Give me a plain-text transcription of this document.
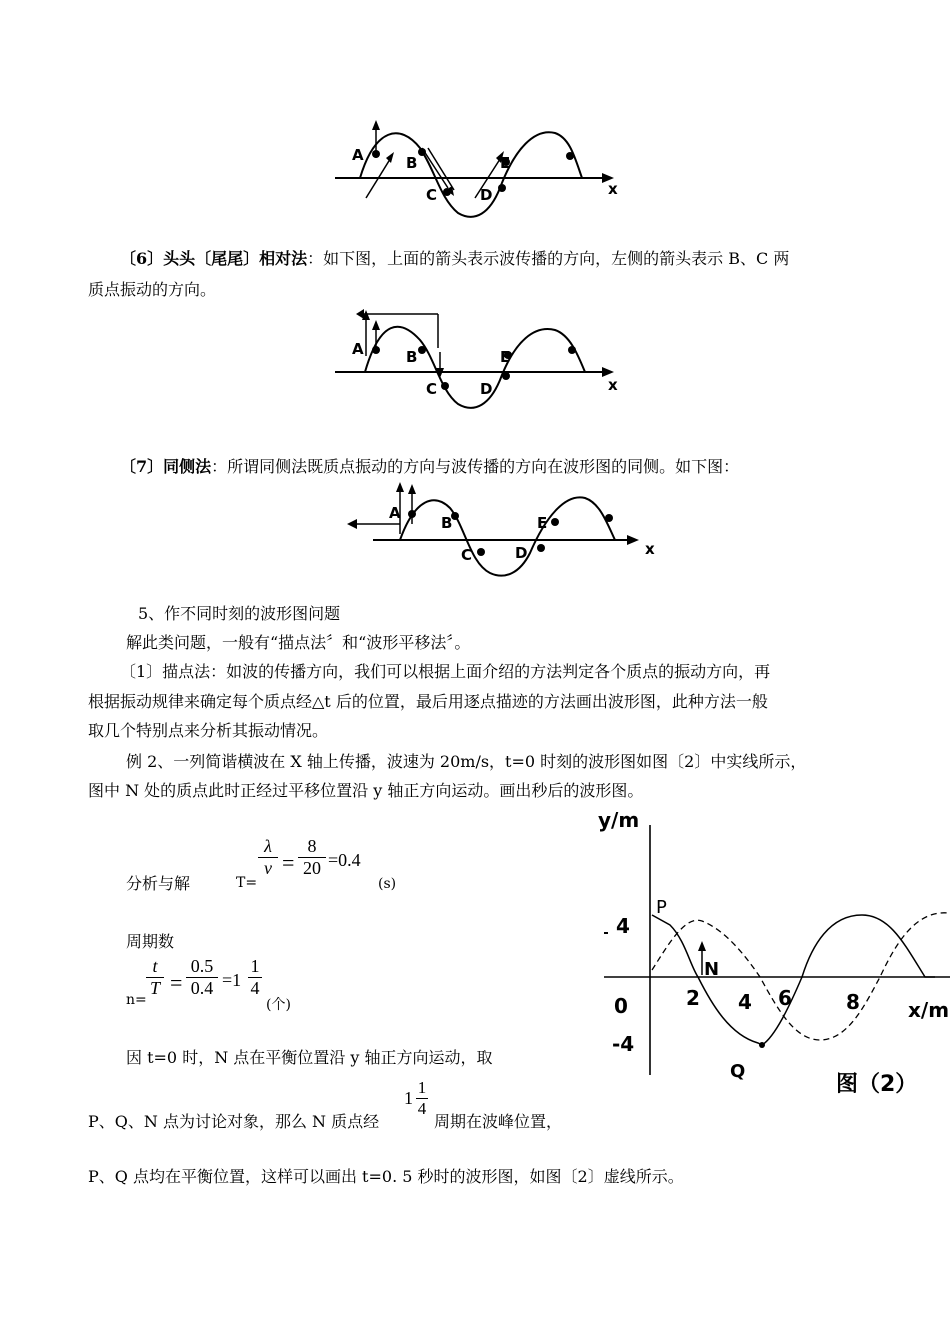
A	B
C	D
E
x
〔6〕头头〔尾尾〕相对法：如下图，上面的箭头表示波传播的方向，左侧的箭头表示 B、C 两
质点振动的方向。
A	B
C	D
E
x
〔7〕同侧法：所谓同侧法既质点振动的方向与波传播的方向在波形图的同侧。如下图：
A
B
C	D
E
x
5、作不同时刻的波形图问题
解此类问题，一般有“描点法〞和“波形平移法〞。
〔1〕描点法：如波的传播方向，我们可以根据上面介绍的方法判定各个质点的振动方向，再
根据振动规律来确定每个质点经△t 后的位置，最后用逐点描迹的方法画出波形图，此种方法一般
取几个特别点来分析其振动情况。
例 2、一列简谐横波在 X 轴上传播，波速为 20m/s，t=0 时刻的波形图如图〔2〕中实线所示，
图中 N 处的质点此时正经过平移位置沿 y 轴正方向运动。画出秒后的波形图。
分析与解	T=
λ
v =
8
20 =0.4
(s)
周期数
n=
t
T =
0.5
0.4 =1
1
4
(个)
因 t=0 时，N 点在平衡位置沿 y 轴正方向运动，取
P、Q、N 点为讨论对象，那么 N 质点经
1
1
4
周期在波峰位置，
P、Q 点均在平衡位置，这样可以画出 t=0. 5 秒时的波形图，如图〔2〕虚线所示。
y/m
x/m
4
-4
0	2 4 6	8
P
Q
N
图（2）
